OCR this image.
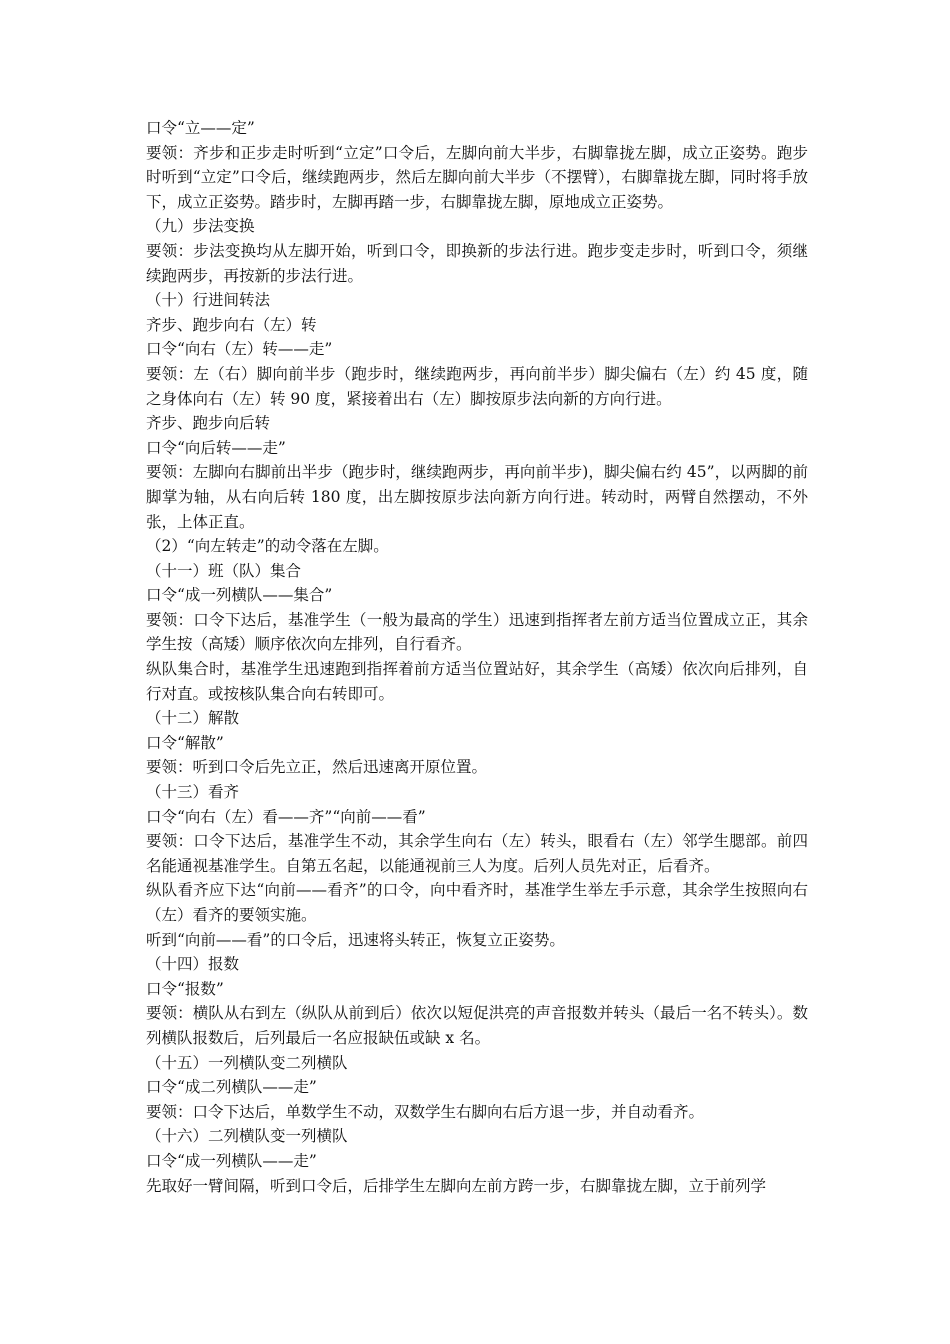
口令“立——定”

要领：齐步和正步走时听到“立定”口令后，左脚向前大半步，右脚靠拢左脚，成立正姿势。跑步时听到“立定”口令后，继续跑两步，然后左脚向前大半步（不摆臂），右脚靠拢左脚，同时将手放下，成立正姿势。踏步时，左脚再踏一步，右脚靠拢左脚，原地成立正姿势。

（九）步法变换

要领：步法变换均从左脚开始，听到口令，即换新的步法行进。跑步变走步时，听到口令，须继续跑两步，再按新的步法行进。

（十）行进间转法

齐步、跑步向右（左）转

口令“向右（左）转——走”

要领：左（右）脚向前半步（跑步时，继续跑两步，再向前半步）脚尖偏右（左）约 45 度，随之身体向右（左）转 90 度，紧接着出右（左）脚按原步法向新的方向行进。

齐步、跑步向后转

口令“向后转——走”

要领：左脚向右脚前出半步（跑步时，继续跑两步，再向前半步)，脚尖偏右约 45”，以两脚的前脚掌为轴，从右向后转 180 度，出左脚按原步法向新方向行进。转动时，两臂自然摆动，不外张，上体正直。

（2）“向左转走”的动令落在左脚。

（十一）班（队）集合

口令“成一列横队——集合”

要领：口令下达后，基准学生（一般为最高的学生）迅速到指挥者左前方适当位置成立正，其余学生按（高矮）顺序依次向左排列，自行看齐。

纵队集合时，基准学生迅速跑到指挥着前方适当位置站好，其余学生（高矮）依次向后排列，自行对直。或按核队集合向右转即可。

（十二）解散

口令“解散”

要领：听到口令后先立正，然后迅速离开原位置。

（十三）看齐

口令“向右（左）看——齐”“向前——看”

要领：口令下达后，基准学生不动，其余学生向右（左）转头，眼看右（左）邻学生腮部。前四名能通视基准学生。自第五名起，以能通视前三人为度。后列人员先对正，后看齐。

纵队看齐应下达“向前——看齐”的口令，向中看齐时，基准学生举左手示意，其余学生按照向右（左）看齐的要领实施。

听到“向前——看”的口令后，迅速将头转正，恢复立正姿势。

（十四）报数

口令“报数”

要领：横队从右到左（纵队从前到后）依次以短促洪亮的声音报数并转头（最后一名不转头）。数列横队报数后，后列最后一名应报缺伍或缺 x 名。

（十五）一列横队变二列横队

口令“成二列横队——走”

要领：口令下达后，单数学生不动，双数学生右脚向右后方退一步，并自动看齐。

（十六）二列横队变一列横队

口令“成一列横队——走”

先取好一臂间隔，听到口令后，后排学生左脚向左前方跨一步，右脚靠拢左脚，立于前列学
